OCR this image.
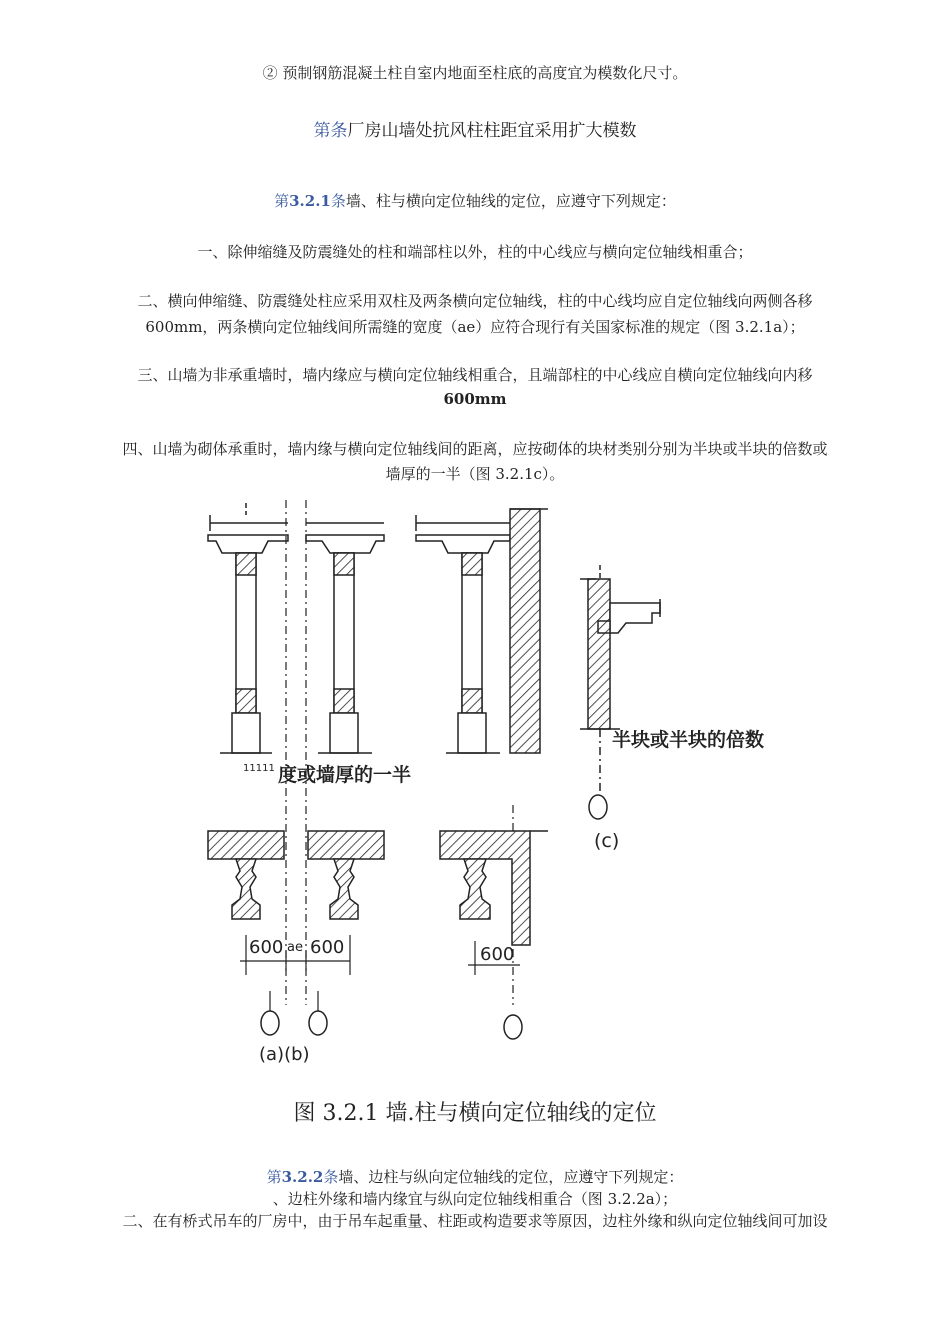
② 预制钢筋混凝土柱自室内地面至柱底的高度宜为模数化尺寸。
第条厂房山墙处抗风柱柱距宜采用扩大模数
第3.2.1条墙、柱与横向定位轴线的定位，应遵守下列规定：
一、除伸缩缝及防震缝处的柱和端部柱以外，柱的中心线应与横向定位轴线相重合；
二、横向伸缩缝、防震缝处柱应采用双柱及两条横向定位轴线，柱的中心线均应自定位轴线向两侧各移
600mm，两条横向定位轴线间所需缝的宽度（ae）应符合现行有关国家标准的规定（图 3.2.1a）；
三、山墙为非承重墙时，墙内缘应与横向定位轴线相重合，且端部柱的中心线应自横向定位轴线向内移
600mm
四、山墙为砌体承重时，墙内缘与横向定位轴线间的距离，应按砌体的块材类别分别为半块或半块的倍数或
墙厚的一半（图 3.2.1c）。
600 ae 600	600
(a)(b)
11111 度或墙厚的一半
半块或半块的倍数
(c)
图 3.2.1 墙.柱与横向定位轴线的定位
第3.2.2条墙、边柱与纵向定位轴线的定位，应遵守下列规定：
、边柱外缘和墙内缘宜与纵向定位轴线相重合（图 3.2.2a）；
二、在有桥式吊车的厂房中，由于吊车起重量、柱距或构造要求等原因，边柱外缘和纵向定位轴线间可加设
